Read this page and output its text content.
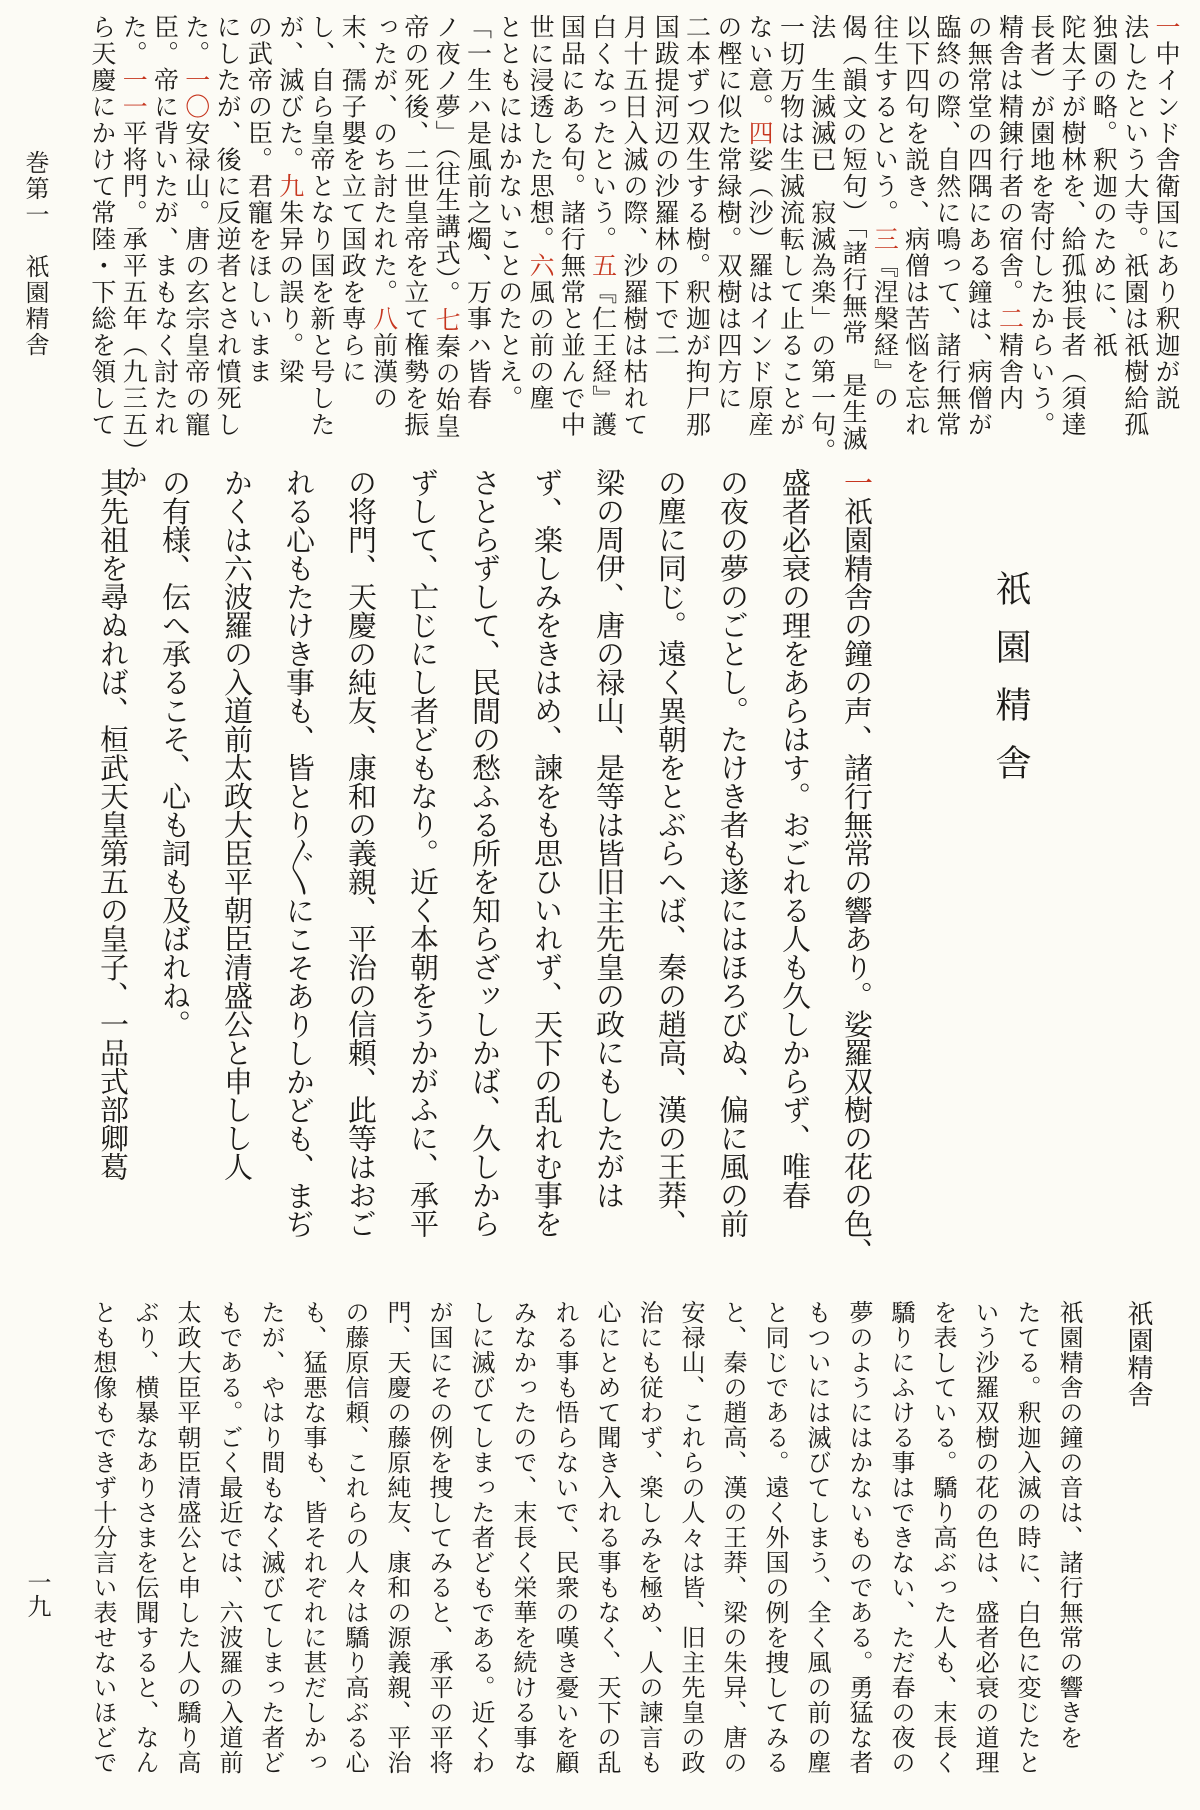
巻第一　祇園精舎
一九
一中インド舎衛国にあり釈迦が説
法したという大寺。祇園は祇樹給孤
独園の略。釈迦のために、祇
陀太子が樹林を、給孤独長者（須達
長者）が園地を寄付したからいう。
精舎は精錬行者の宿舎。二精舎内
の無常堂の四隅にある鐘は、病僧が
臨終の際、自然に鳴って、諸行無常
以下四句を説き、病僧は苦悩を忘れ
往生するという。三『涅槃経』の
偈（韻文の短句）「諸行無常　是生滅
法　生滅滅已　寂滅為楽」の第一句。
一切万物は生滅流転して止ることが
ない意。四娑（沙）羅はインド原産
の樫に似た常緑樹。双樹は四方に
二本ずつ双生する樹。釈迦が拘尸那
国跋提河辺の沙羅林の下で二
月十五日入滅の際、沙羅樹は枯れて
白くなったという。五『仁王経』護
国品にある句。諸行無常と並んで中
世に浸透した思想。六風の前の塵
とともにはかないことのたとえ。
「一生ハ是風前之燭、万事ハ皆春
ノ夜ノ夢」（往生講式）。七秦の始皇
帝の死後、二世皇帝を立て権勢を振
ったが、のち討たれた。八前漢の
末、孺子嬰を立て国政を専らに
し、自ら皇帝となり国を新と号した
が、滅びた。九朱异の誤り。梁
の武帝の臣。君寵をほしいまま
にしたが、後に反逆者とされ憤死し
た。一〇安禄山。唐の玄宗皇帝の寵
臣。帝に背いたが、まもなく討たれ
た。一一平将門。承平五年（九三五）か
ら天慶にかけて常陸・下総を領して
祇園精舎
一祇園精舎の鐘の声、諸行無常の響あり。娑羅双樹の花の色、
盛者必衰の理をあらはす。おごれる人も久しからず、唯春
の夜の夢のごとし。たけき者も遂にはほろびぬ、偏に風の前
の塵に同じ。遠く異朝をとぶらへば、秦の趙高、漢の王莽、
梁の周伊、唐の禄山、是等は皆旧主先皇の政にもしたがは
ず、楽しみをきはめ、諫をも思ひいれず、天下の乱れむ事を
さとらずして、民間の愁ふる所を知らざッしかば、久しから
ずして、亡じにし者どもなり。近く本朝をうかがふに、承平
の将門、天慶の純友、康和の義親、平治の信頼、此等はおご
れる心もたけき事も、皆とり〴〵にこそありしかども、まぢ
かくは六波羅の入道前太政大臣平朝臣清盛公と申しし人
の有様、伝へ承るこそ、心も詞も及ばれね。
其先祖を尋ぬれば、桓武天皇第五の皇子、一品式部卿葛
祇園精舎
祇園精舎の鐘の音は、諸行無常の響きを
たてる。釈迦入滅の時に、白色に変じたと
いう沙羅双樹の花の色は、盛者必衰の道理
を表している。驕り高ぶった人も、末長く
驕りにふける事はできない、ただ春の夜の
夢のようにはかないものである。勇猛な者
もついには滅びてしまう、全く風の前の塵
と同じである。遠く外国の例を捜してみる
と、秦の趙高、漢の王莽、梁の朱异、唐の
安禄山、これらの人々は皆、旧主先皇の政
治にも従わず、楽しみを極め、人の諫言も
心にとめて聞き入れる事もなく、天下の乱
れる事も悟らないで、民衆の嘆き憂いを顧
みなかったので、末長く栄華を続ける事な
しに滅びてしまった者どもである。近くわ
が国にその例を捜してみると、承平の平将
門、天慶の藤原純友、康和の源義親、平治
の藤原信頼、これらの人々は驕り高ぶる心
も、猛悪な事も、皆それぞれに甚だしかっ
たが、やはり間もなく滅びてしまった者ど
もである。ごく最近では、六波羅の入道前
太政大臣平朝臣清盛公と申した人の驕り高
ぶり、横暴なありさまを伝聞すると、なん
とも想像もできず十分言い表せないほどで
